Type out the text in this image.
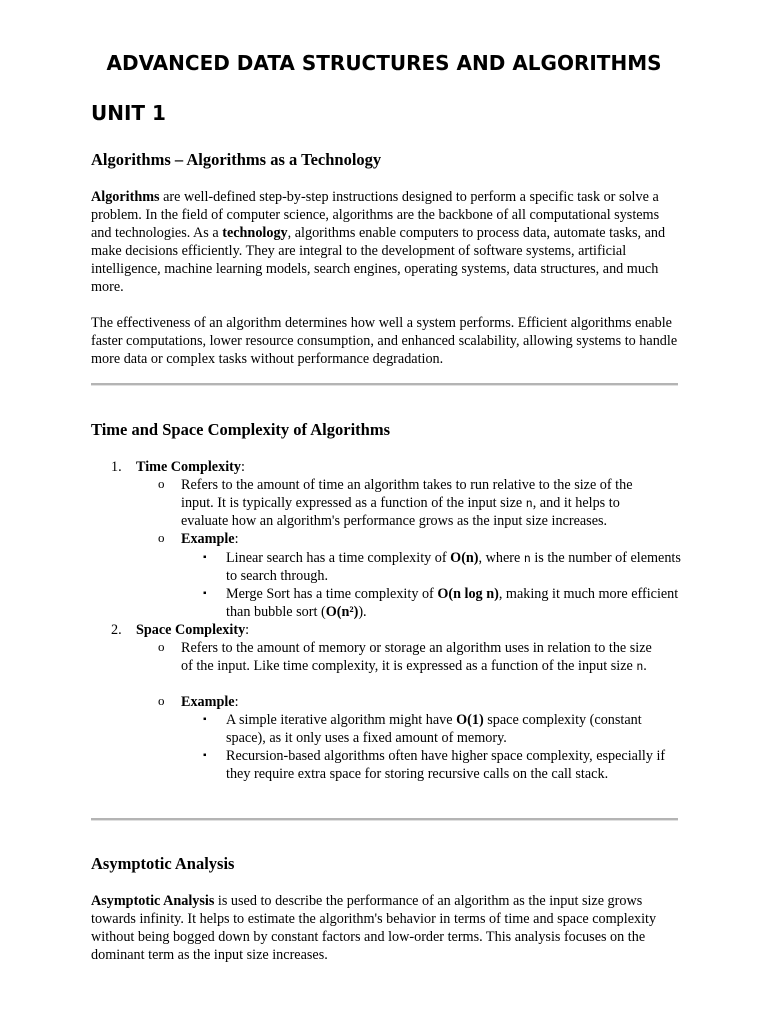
ADVANCED DATA STRUCTURES AND ALGORITHMS
UNIT 1
Algorithms – Algorithms as a Technology

Algorithms are well-defined step-by-step instructions designed to perform a specific task or solve a problem. In the field of computer science, algorithms are the backbone of all computational systems and technologies. As a technology, algorithms enable computers to process data, automate tasks, and make decisions efficiently. They are integral to the development of software systems, artificial intelligence, machine learning models, search engines, operating systems, data structures, and much more.

The effectiveness of an algorithm determines how well a system performs. Efficient algorithms enable faster computations, lower resource consumption, and enhanced scalability, allowing systems to handle more data or complex tasks without performance degradation.

Time and Space Complexity of Algorithms
1.	Time Complexity:
o Refers to the amount of time an algorithm takes to run relative to the size of the input. It is typically expressed as a function of the input size n, and it helps to evaluate how an algorithm's performance grows as the input size increases.
o Example:
▪ Linear search has a time complexity of O(n), where n is the number of elements to search through.
▪ Merge Sort has a time complexity of O(n log n), making it much more efficient than bubble sort (O(n²)).
2.	Space Complexity:
o Refers to the amount of memory or storage an algorithm uses in relation to the size of the input. Like time complexity, it is expressed as a function of the input size n.
o Example:
▪ A simple iterative algorithm might have O(1) space complexity (constant space), as it only uses a fixed amount of memory.
▪ Recursion-based algorithms often have higher space complexity, especially if they require extra space for storing recursive calls on the call stack.
Asymptotic Analysis

Asymptotic Analysis is used to describe the performance of an algorithm as the input size grows towards infinity. It helps to estimate the algorithm's behavior in terms of time and space complexity without being bogged down by constant factors and low-order terms. This analysis focuses on the dominant term as the input size increases.
